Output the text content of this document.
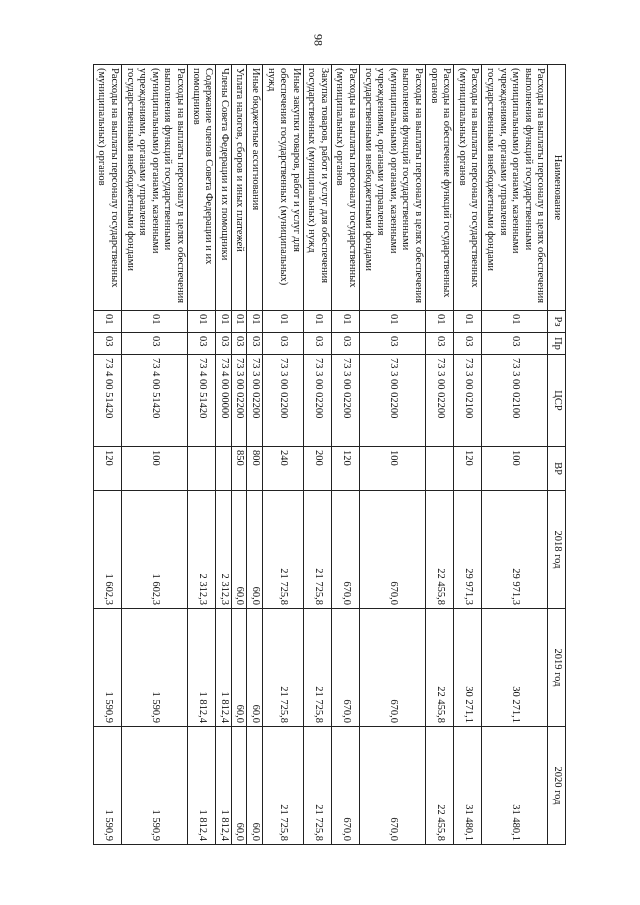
98
Наименование	Рз	Пр	ЦСР	ВР	2018 год	2019 год	2020 год
Расходы на выплаты персоналу в целях обеспечения выполнения функций государственными (муниципальными) органами, казенными учреждениями, органами управления государственными внебюджетными фондами	01	03	73 3 00 02100	100	29 971,3	30 271,1	31 480,1
Расходы на выплаты персоналу государственных (муниципальных) органов	01	03	73 3 00 02100	120	29 971,3	30 271,1	31 480,1
Расходы на обеспечение функций государственных органов	01	03	73 3 00 02200		22 455,8	22 455,8	22 455,8
Расходы на выплаты персоналу в целях обеспечения выполнения функций государственными (муниципальными) органами, казенными учреждениями, органами управления государственными внебюджетными фондами	01	03	73 3 00 02200	100	670,0	670,0	670,0
Расходы на выплаты персоналу государственных (муниципальных) органов	01	03	73 3 00 02200	120	670,0	670,0	670,0
Закупка товаров, работ и услуг для обеспечения государственных (муниципальных) нужд	01	03	73 3 00 02200	200	21 725,8	21 725,8	21 725,8
Иные закупки товаров, работ и услуг для обеспечения государственных (муниципальных) нужд	01	03	73 3 00 02200	240	21 725,8	21 725,8	21 725,8
Иные бюджетные ассигнования	01	03	73 3 00 02200	800	60,0	60,0	60,0
Уплата налогов, сборов и иных платежей	01	03	73 3 00 02200	850	60,0	60,0	60,0
Члены Совета Федерации и их помощники	01	03	73 4 00 00000		2 312,3	1 812,4	1 812,4
Содержание членов Совета Федерации и их помощников	01	03	73 4 00 51420		2 312,3	1 812,4	1 812,4
Расходы на выплаты персоналу в целях обеспечения выполнения функций государственными (муниципальными) органами, казенными учреждениями, органами управления государственными внебюджетными фондами	01	03	73 4 00 51420	100	1 602,3	1 590,9	1 590,9
Расходы на выплаты персоналу государственных (муниципальных) органов	01	03	73 4 00 51420	120	1 602,3	1 590,9	1 590,9
